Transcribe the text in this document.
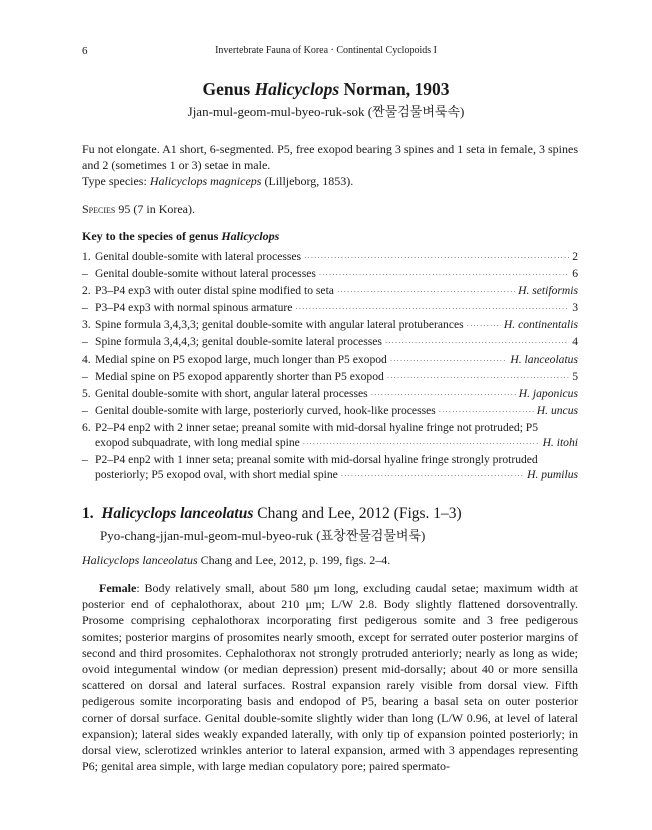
6	Invertebrate Fauna of Korea · Continental Cyclopoids I
Genus Halicyclops Norman, 1903
Jjan-mul-geom-mul-byeo-ruk-sok (짠물검물벼룩속)
Fu not elongate. A1 short, 6-segmented. P5, free exopod bearing 3 spines and 1 seta in female, 3 spines and 2 (sometimes 1 or 3) setae in male.
Type species: Halicyclops magniceps (Lilljeborg, 1853).
Species 95 (7 in Korea).
Key to the species of genus Halicyclops
1. Genital double-somite with lateral processes ·····	2
– Genital double-somite without lateral processes ·····	6
2. P3–P4 exp3 with outer distal spine modified to seta ·····	H. setiformis
– P3–P4 exp3 with normal spinous armature ·····	3
3. Spine formula 3,4,3,3; genital double-somite with angular lateral protuberances ·····	H. continentalis
– Spine formula 3,4,4,3; genital double-somite lateral processes ·····	4
4. Medial spine on P5 exopod large, much longer than P5 exopod ·····	H. lanceolatus
– Medial spine on P5 exopod apparently shorter than P5 exopod ·····	5
5. Genital double-somite with short, angular lateral processes ·····	H. japonicus
– Genital double-somite with large, posteriorly curved, hook-like processes ·····	H. uncus
6. P2–P4 enp2 with 2 inner setae; preanal somite with mid-dorsal hyaline fringe not protruded; P5
exopod subquadrate, with long medial spine ·····	H. itohi
– P2–P4 enp2 with 1 inner seta; preanal somite with mid-dorsal hyaline fringe strongly protruded
posteriorly; P5 exopod oval, with short medial spine ·····	H. pumilus
1. Halicyclops lanceolatus Chang and Lee, 2012 (Figs. 1–3)
Pyo-chang-jjan-mul-geom-mul-byeo-ruk (표창짠물검물벼룩)
Halicyclops lanceolatus Chang and Lee, 2012, p. 199, figs. 2–4.
Female: Body relatively small, about 580 μm long, excluding caudal setae; maximum width at posterior end of cephalothorax, about 210 μm; L/W 2.8. Body slightly flattened dorsoventrally. Prosome comprising cephalothorax incorporating first pedigerous somite and 3 free pedigerous somites; posterior margins of prosomites nearly smooth, except for serrated outer posterior margins of second and third prosomites. Cephalothorax not strongly protruded anteriorly; nearly as long as wide; ovoid integumental window (or median depression) present mid-dorsally; about 40 or more sensilla scattered on dorsal and lateral surfaces. Rostral expansion rarely visible from dorsal view. Fifth pedigerous somite incorporating basis and endopod of P5, bearing a basal seta on outer posterior corner of dorsal surface. Genital double-somite slightly wider than long (L/W 0.96, at level of lateral expansion); lateral sides weakly expanded laterally, with only tip of expansion pointed posteriorly; in dorsal view, sclerotized wrinkles anterior to lateral expansion, armed with 3 appendages representing P6; genital area simple, with large median copulatory pore; paired spermato-
